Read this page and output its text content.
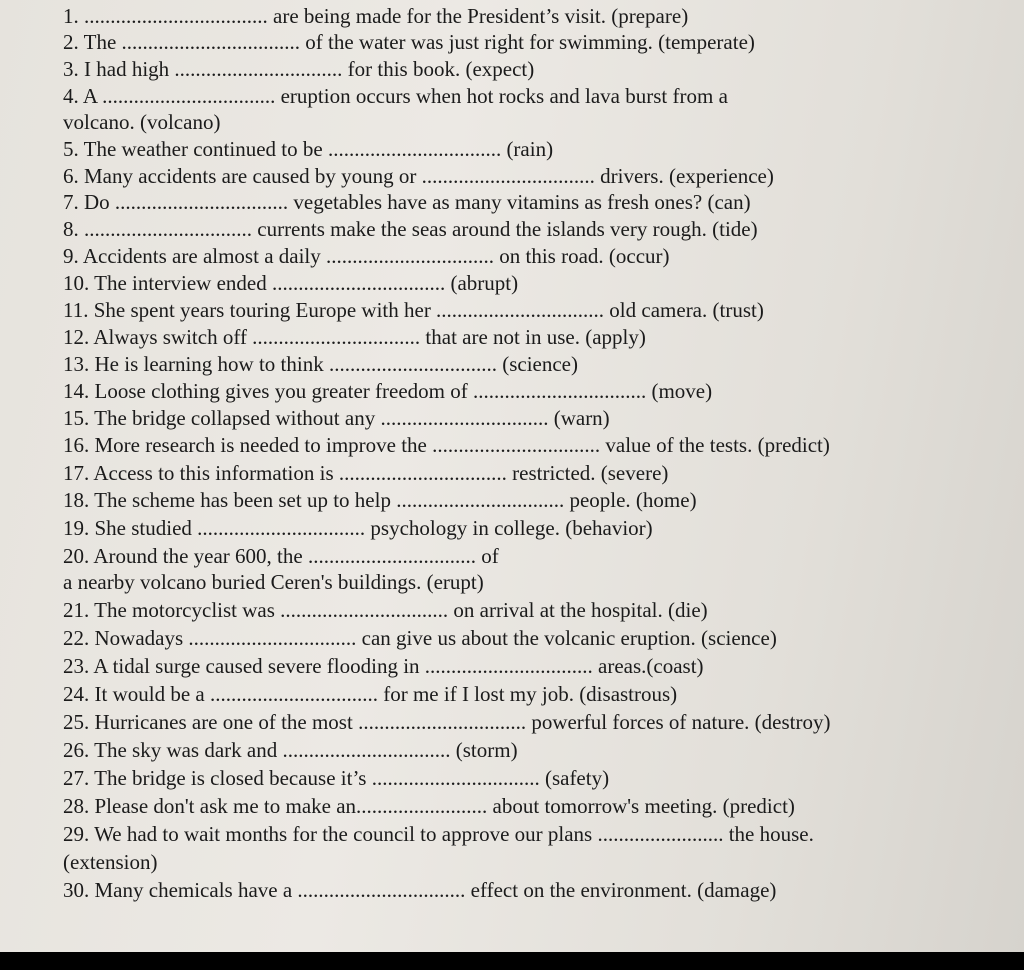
1. ................................... are being made for the President’s visit. (prepare)
2. The .................................. of the water was just right for swimming. (temperate)
3. I had high ................................ for this book. (expect)
4. A ................................. eruption occurs when hot rocks and lava burst from a
volcano. (volcano)
5. The weather continued to be ................................. (rain)
6. Many accidents are caused by young or ................................. drivers. (experience)
7. Do ................................. vegetables have as many vitamins as fresh ones? (can)
8. ................................ currents make the seas around the islands very rough. (tide)
9. Accidents are almost a daily ................................ on this road. (occur)
10. The interview ended ................................. (abrupt)
11. She spent years touring Europe with her ................................ old camera. (trust)
12. Always switch off ................................ that are not in use. (apply)
13. He is learning how to think ................................ (science)
14. Loose clothing gives you greater freedom of ................................. (move)
15. The bridge collapsed without any ................................ (warn)
16. More research is needed to improve the ................................ value of the tests. (predict)
17. Access to this information is ................................ restricted. (severe)
18. The scheme has been set up to help ................................ people. (home)
19. She studied ................................ psychology in college. (behavior)
20. Around the year 600, the ................................ of
a nearby volcano buried Ceren's buildings. (erupt)
21. The motorcyclist was ................................ on arrival at the hospital. (die)
22. Nowadays ................................ can give us about the volcanic eruption. (science)
23. A tidal surge caused severe flooding in ................................ areas.(coast)
24. It would be a ................................ for me if I lost my job. (disastrous)
25. Hurricanes are one of the most ................................ powerful forces of nature. (destroy)
26. The sky was dark and ................................ (storm)
27. The bridge is closed because it’s ................................ (safety)
28. Please don't ask me to make an......................... about tomorrow's meeting. (predict)
29. We had to wait months for the council to approve our plans ........................ the house.
(extension)
30. Many chemicals have a ................................ effect on the environment. (damage)
